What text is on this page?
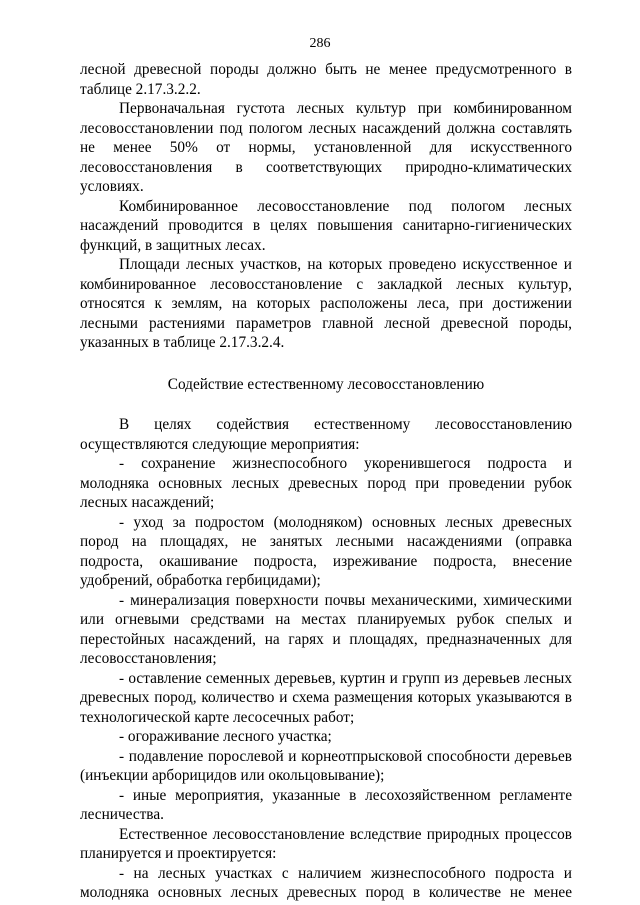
286

лесной древесной породы должно быть не менее предусмотренного в таблице 2.17.3.2.2.

Первоначальная густота лесных культур при комбинированном лесовосстановлении под пологом лесных насаждений должна составлять не менее 50% от нормы, установленной для искусственного лесовосстановления в соответствующих природно-климатических условиях.

Комбинированное лесовосстановление под пологом лесных насаждений проводится в целях повышения санитарно-гигиенических функций, в защитных лесах.

Площади лесных участков, на которых проведено искусственное и комбинированное лесовосстановление с закладкой лесных культур, относятся к землям, на которых расположены леса, при достижении лесными растениями параметров главной лесной древесной породы, указанных в таблице 2.17.3.2.4.

Содействие естественному лесовосстановлению

В целях содействия естественному лесовосстановлению осуществляются следующие мероприятия:

- сохранение жизнеспособного укоренившегося подроста и молодняка основных лесных древесных пород при проведении рубок лесных насаждений;

- уход за подростом (молодняком) основных лесных древесных пород на площадях, не занятых лесными насаждениями (оправка подроста, окашивание подроста, изреживание подроста, внесение удобрений, обработка гербицидами);

- минерализация поверхности почвы механическими, химическими или огневыми средствами на местах планируемых рубок спелых и перестойных насаждений, на гарях и площадях, предназначенных для лесовосстановления;

- оставление семенных деревьев, куртин и групп из деревьев лесных древесных пород, количество и схема размещения которых указываются в технологической карте лесосечных работ;

- огораживание лесного участка;

- подавление порослевой и корнеотпрысковой способности деревьев (инъекции арборицидов или окольцовывание);

- иные мероприятия, указанные в лесохозяйственном регламенте лесничества.

Естественное лесовосстановление вследствие природных процессов планируется и проектируется:

- на лесных участках с наличием жизнеспособного подроста и молодняка основных лесных древесных пород в количестве не менее
